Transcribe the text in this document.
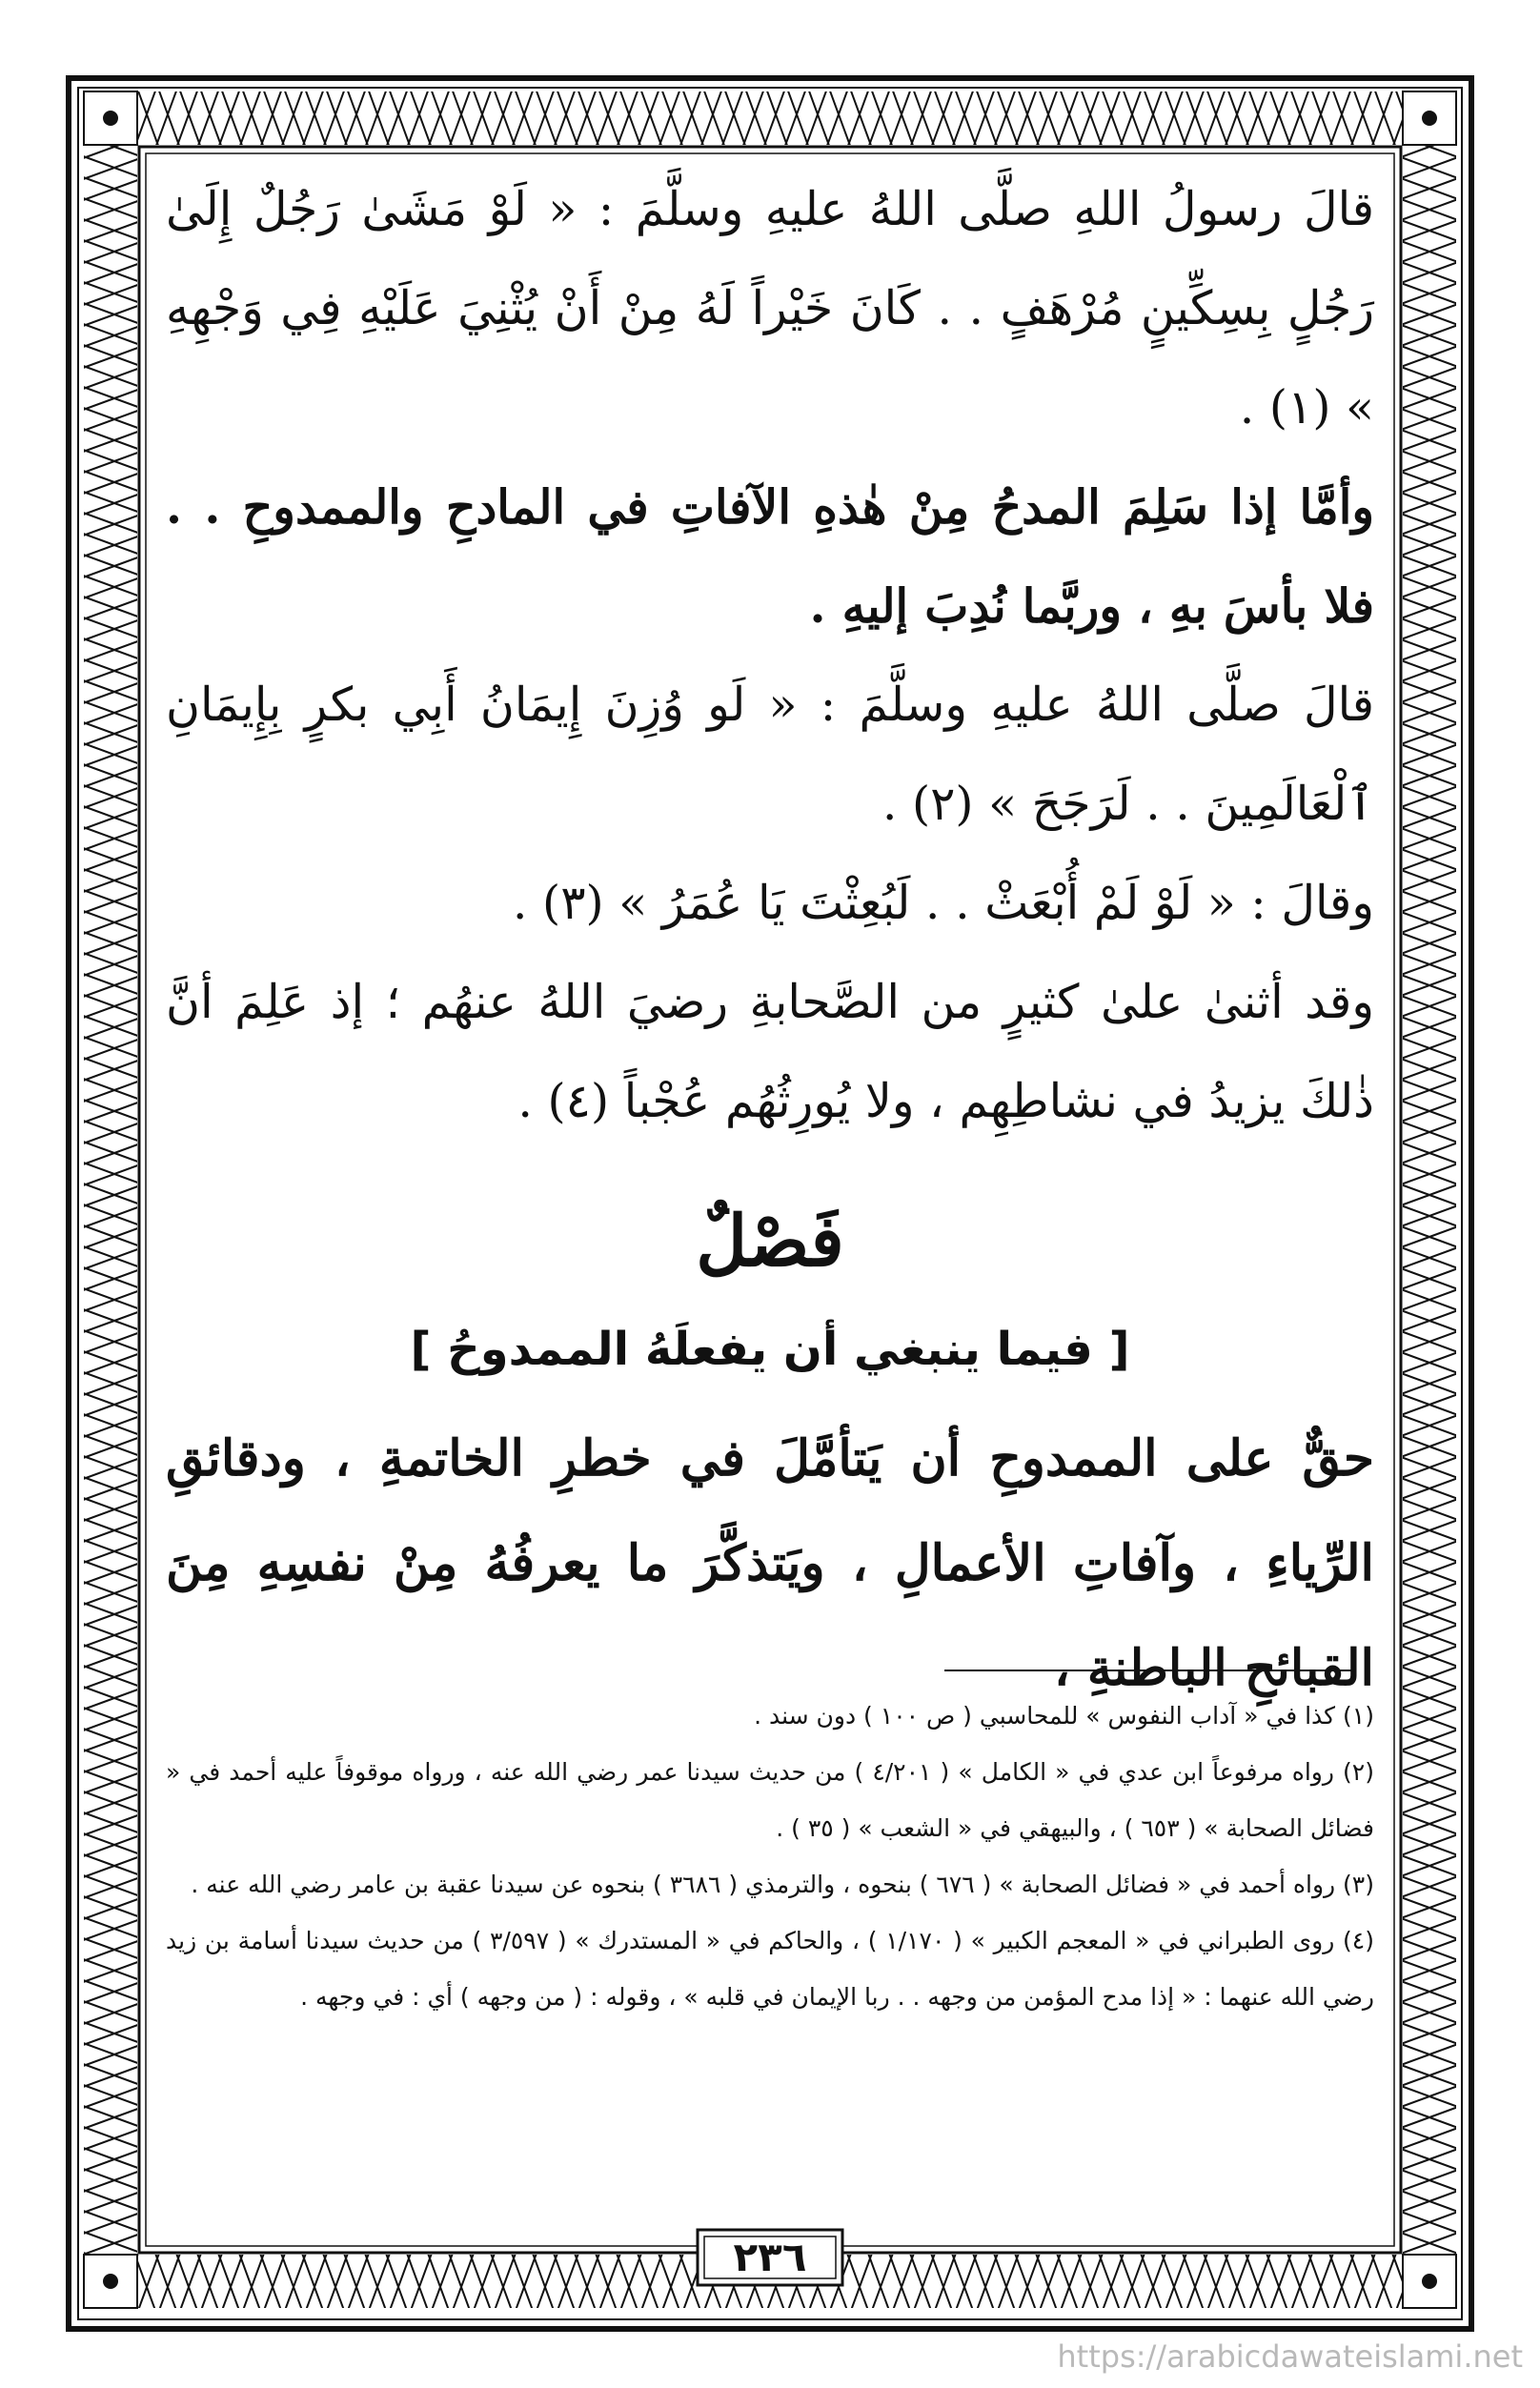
قالَ رسولُ اللهِ صلَّى اللهُ عليهِ وسلَّمَ : « لَوْ مَشَىٰ رَجُلٌ إِلَىٰ رَجُلٍ بِسِكِّينٍ مُرْهَفٍ . . كَانَ خَيْراً لَهُ مِنْ أَنْ يُثْنِيَ عَلَيْهِ فِي وَجْهِهِ » (١) .

وأمَّا إذا سَلِمَ المدحُ مِنْ هٰذهِ الآفاتِ في المادحِ والممدوحِ . . فلا بأسَ بهِ ، وربَّما نُدِبَ إليهِ .

قالَ صلَّى اللهُ عليهِ وسلَّمَ : « لَو وُزِنَ إِيمَانُ أَبِي بكرٍ بِإِيمَانِ ٱلْعَالَمِينَ . . لَرَجَحَ » (٢) .

وقالَ : « لَوْ لَمْ أُبْعَثْ . . لَبُعِثْتَ يَا عُمَرُ » (٣) .

وقد أثنىٰ علىٰ كثيرٍ من الصَّحابةِ رضيَ اللهُ عنهُم ؛ إذ عَلِمَ أنَّ ذٰلكَ يزيدُ في نشاطِهِم ، ولا يُورِثُهُم عُجْباً (٤) .

فَصْلٌ
[ فيما ينبغي أن يفعلَهُ الممدوحُ ]

حقٌّ على الممدوحِ أن يَتأمَّلَ في خطرِ الخاتمةِ ، ودقائقِ الرِّياءِ ، وآفاتِ الأعمالِ ، ويَتذكَّرَ ما يعرفُهُ مِنْ نفسِهِ مِنَ القبائحِ الباطنةِ ،

(١) كذا في « آداب النفوس » للمحاسبي ( ص ١٠٠ ) دون سند .

(٢) رواه مرفوعاً ابن عدي في « الكامل » ( ٤/٢٠١ ) من حديث سيدنا عمر رضي الله عنه ، ورواه موقوفاً عليه أحمد في « فضائل الصحابة » ( ٦٥٣ ) ، والبيهقي في « الشعب » ( ٣٥ ) .

(٣) رواه أحمد في « فضائل الصحابة » ( ٦٧٦ ) بنحوه ، والترمذي ( ٣٦٨٦ ) بنحوه عن سيدنا عقبة بن عامر رضي الله عنه .

(٤) روى الطبراني في « المعجم الكبير » ( ١/١٧٠ ) ، والحاكم في « المستدرك » ( ٣/٥٩٧ ) من حديث سيدنا أسامة بن زيد رضي الله عنهما : « إذا مدح المؤمن من وجهه . . ربا الإيمان في قلبه » ، وقوله : ( من وجهه ) أي : في وجهه .

٢٣٦
https://arabicdawateislami.net
